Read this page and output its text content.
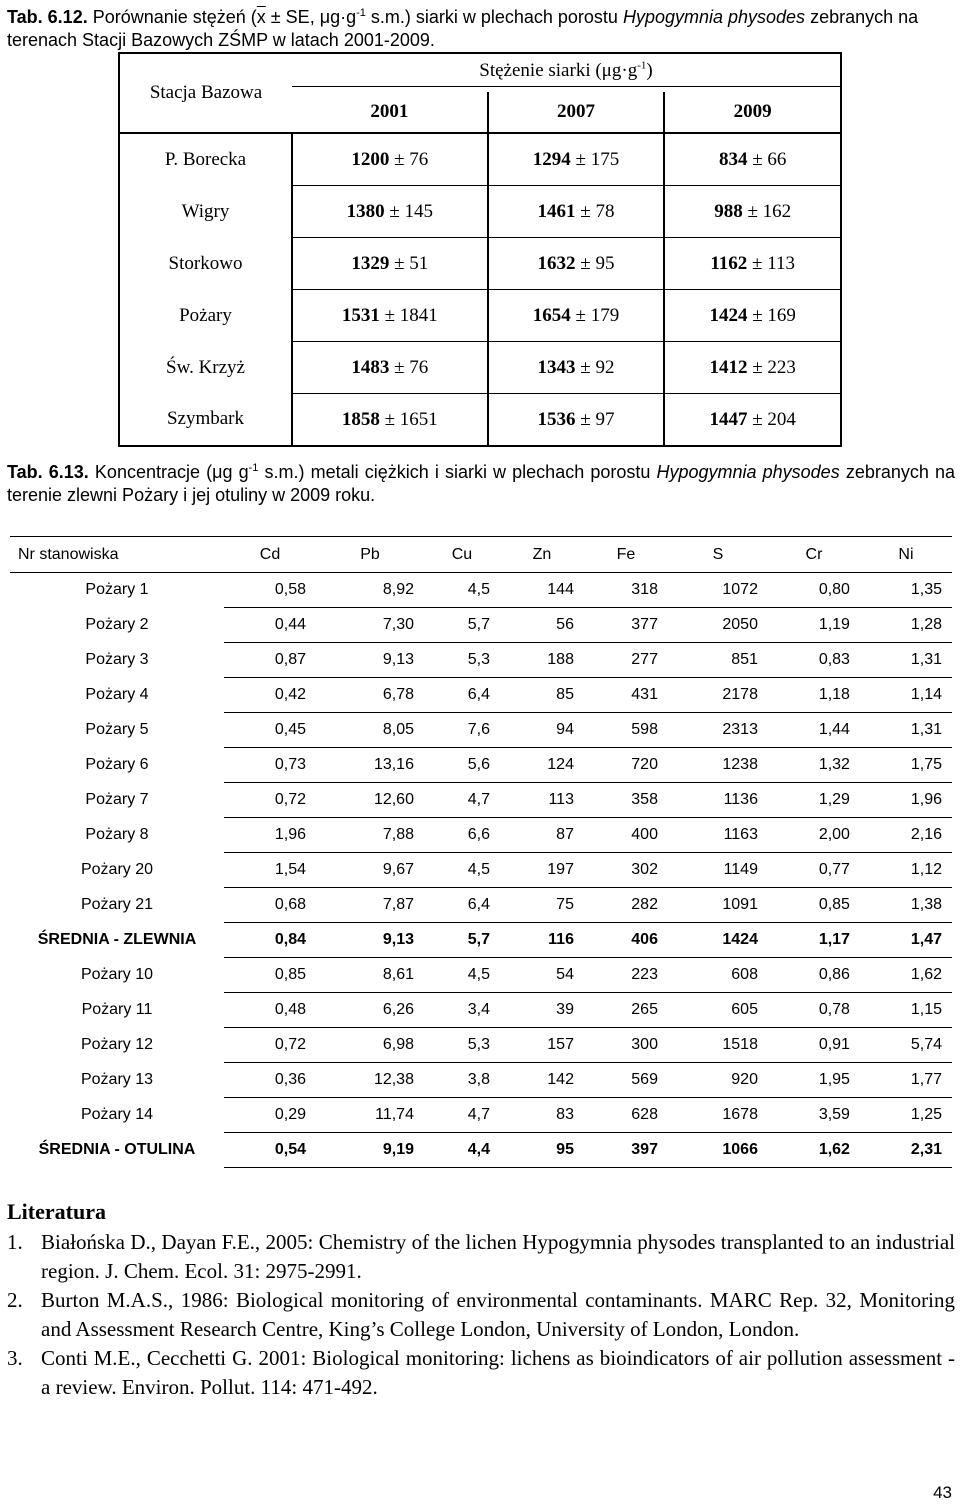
Tab. 6.12. Porównanie stężeń ($\overline{x}$ ± SE, $\mu g\cdot g^{-1}$ s.m.) siarki w plechach porostu Hypogymnia physodes zebranych na terenach Stacji Bazowych ZŚMP w latach 2001-2009.
Stacja Bazowa	Stężenie siarki $(\mu g\cdot g^{-1})$		
	2001	2007	2009
P. Borecka	1200 ± 76	1294 ± 175	834 ± 66
Wigry	1380 ± 145	1461 ± 78	988 ± 162
Storkowo	1329 ± 51	1632 ± 95	1162 ± 113
Pożary	1531 ± 1841	1654 ± 179	1424 ± 169
Św. Krzyż	1483 ± 76	1343 ± 92	1412 ± 223
Szymbark	1858 ± 1651	1536 ± 97	1447 ± 204
Tab. 6.13. Koncentracje (μg $g^{-1}$ s.m.) metali ciężkich i siarki w plechach porostu Hypogymnia physodes zebranych na terenie zlewni Pożary i jej otuliny w 2009 roku.
Nr stanowiska	Cd	Pb	Cu	Zn	Fe	S	Cr	Ni
Pożary 1	0,58	8,92	4,5	144	318	1072	0,80	1,35
Pożary 2	0,44	7,30	5,7	56	377	2050	1,19	1,28
Pożary 3	0,87	9,13	5,3	188	277	851	0,83	1,31
Pożary 4	0,42	6,78	6,4	85	431	2178	1,18	1,14
Pożary 5	0,45	8,05	7,6	94	598	2313	1,44	1,31
Pożary 6	0,73	13,16	5,6	124	720	1238	1,32	1,75
Pożary 7	0,72	12,60	4,7	113	358	1136	1,29	1,96
Pożary 8	1,96	7,88	6,6	87	400	1163	2,00	2,16
Pożary 20	1,54	9,67	4,5	197	302	1149	0,77	1,12
Pożary 21	0,68	7,87	6,4	75	282	1091	0,85	1,38
ŚREDNIA - ZLEWNIA	0,84	9,13	5,7	116	406	1424	1,17	1,47
Pożary 10	0,85	8,61	4,5	54	223	608	0,86	1,62
Pożary 11	0,48	6,26	3,4	39	265	605	0,78	1,15
Pożary 12	0,72	6,98	5,3	157	300	1518	0,91	5,74
Pożary 13	0,36	12,38	3,8	142	569	920	1,95	1,77
Pożary 14	0,29	11,74	4,7	83	628	1678	3,59	1,25
ŚREDNIA - OTULINA	0,54	9,19	4,4	95	397	1066	1,62	2,31
Literatura
1. Białońska D., Dayan F.E., 2005: Chemistry of the lichen Hypogymnia physodes transplanted to an industrial region. J. Chem. Ecol. 31: 2975-2991.
2. Burton M.A.S., 1986: Biological monitoring of environmental contaminants. MARC Rep. 32, Monitoring and Assessment Research Centre, King’s College London, University of London, London.
3. Conti M.E., Cecchetti G. 2001: Biological monitoring: lichens as bioindicators of air pollution assessment - a review. Environ. Pollut. 114: 471-492.
43
